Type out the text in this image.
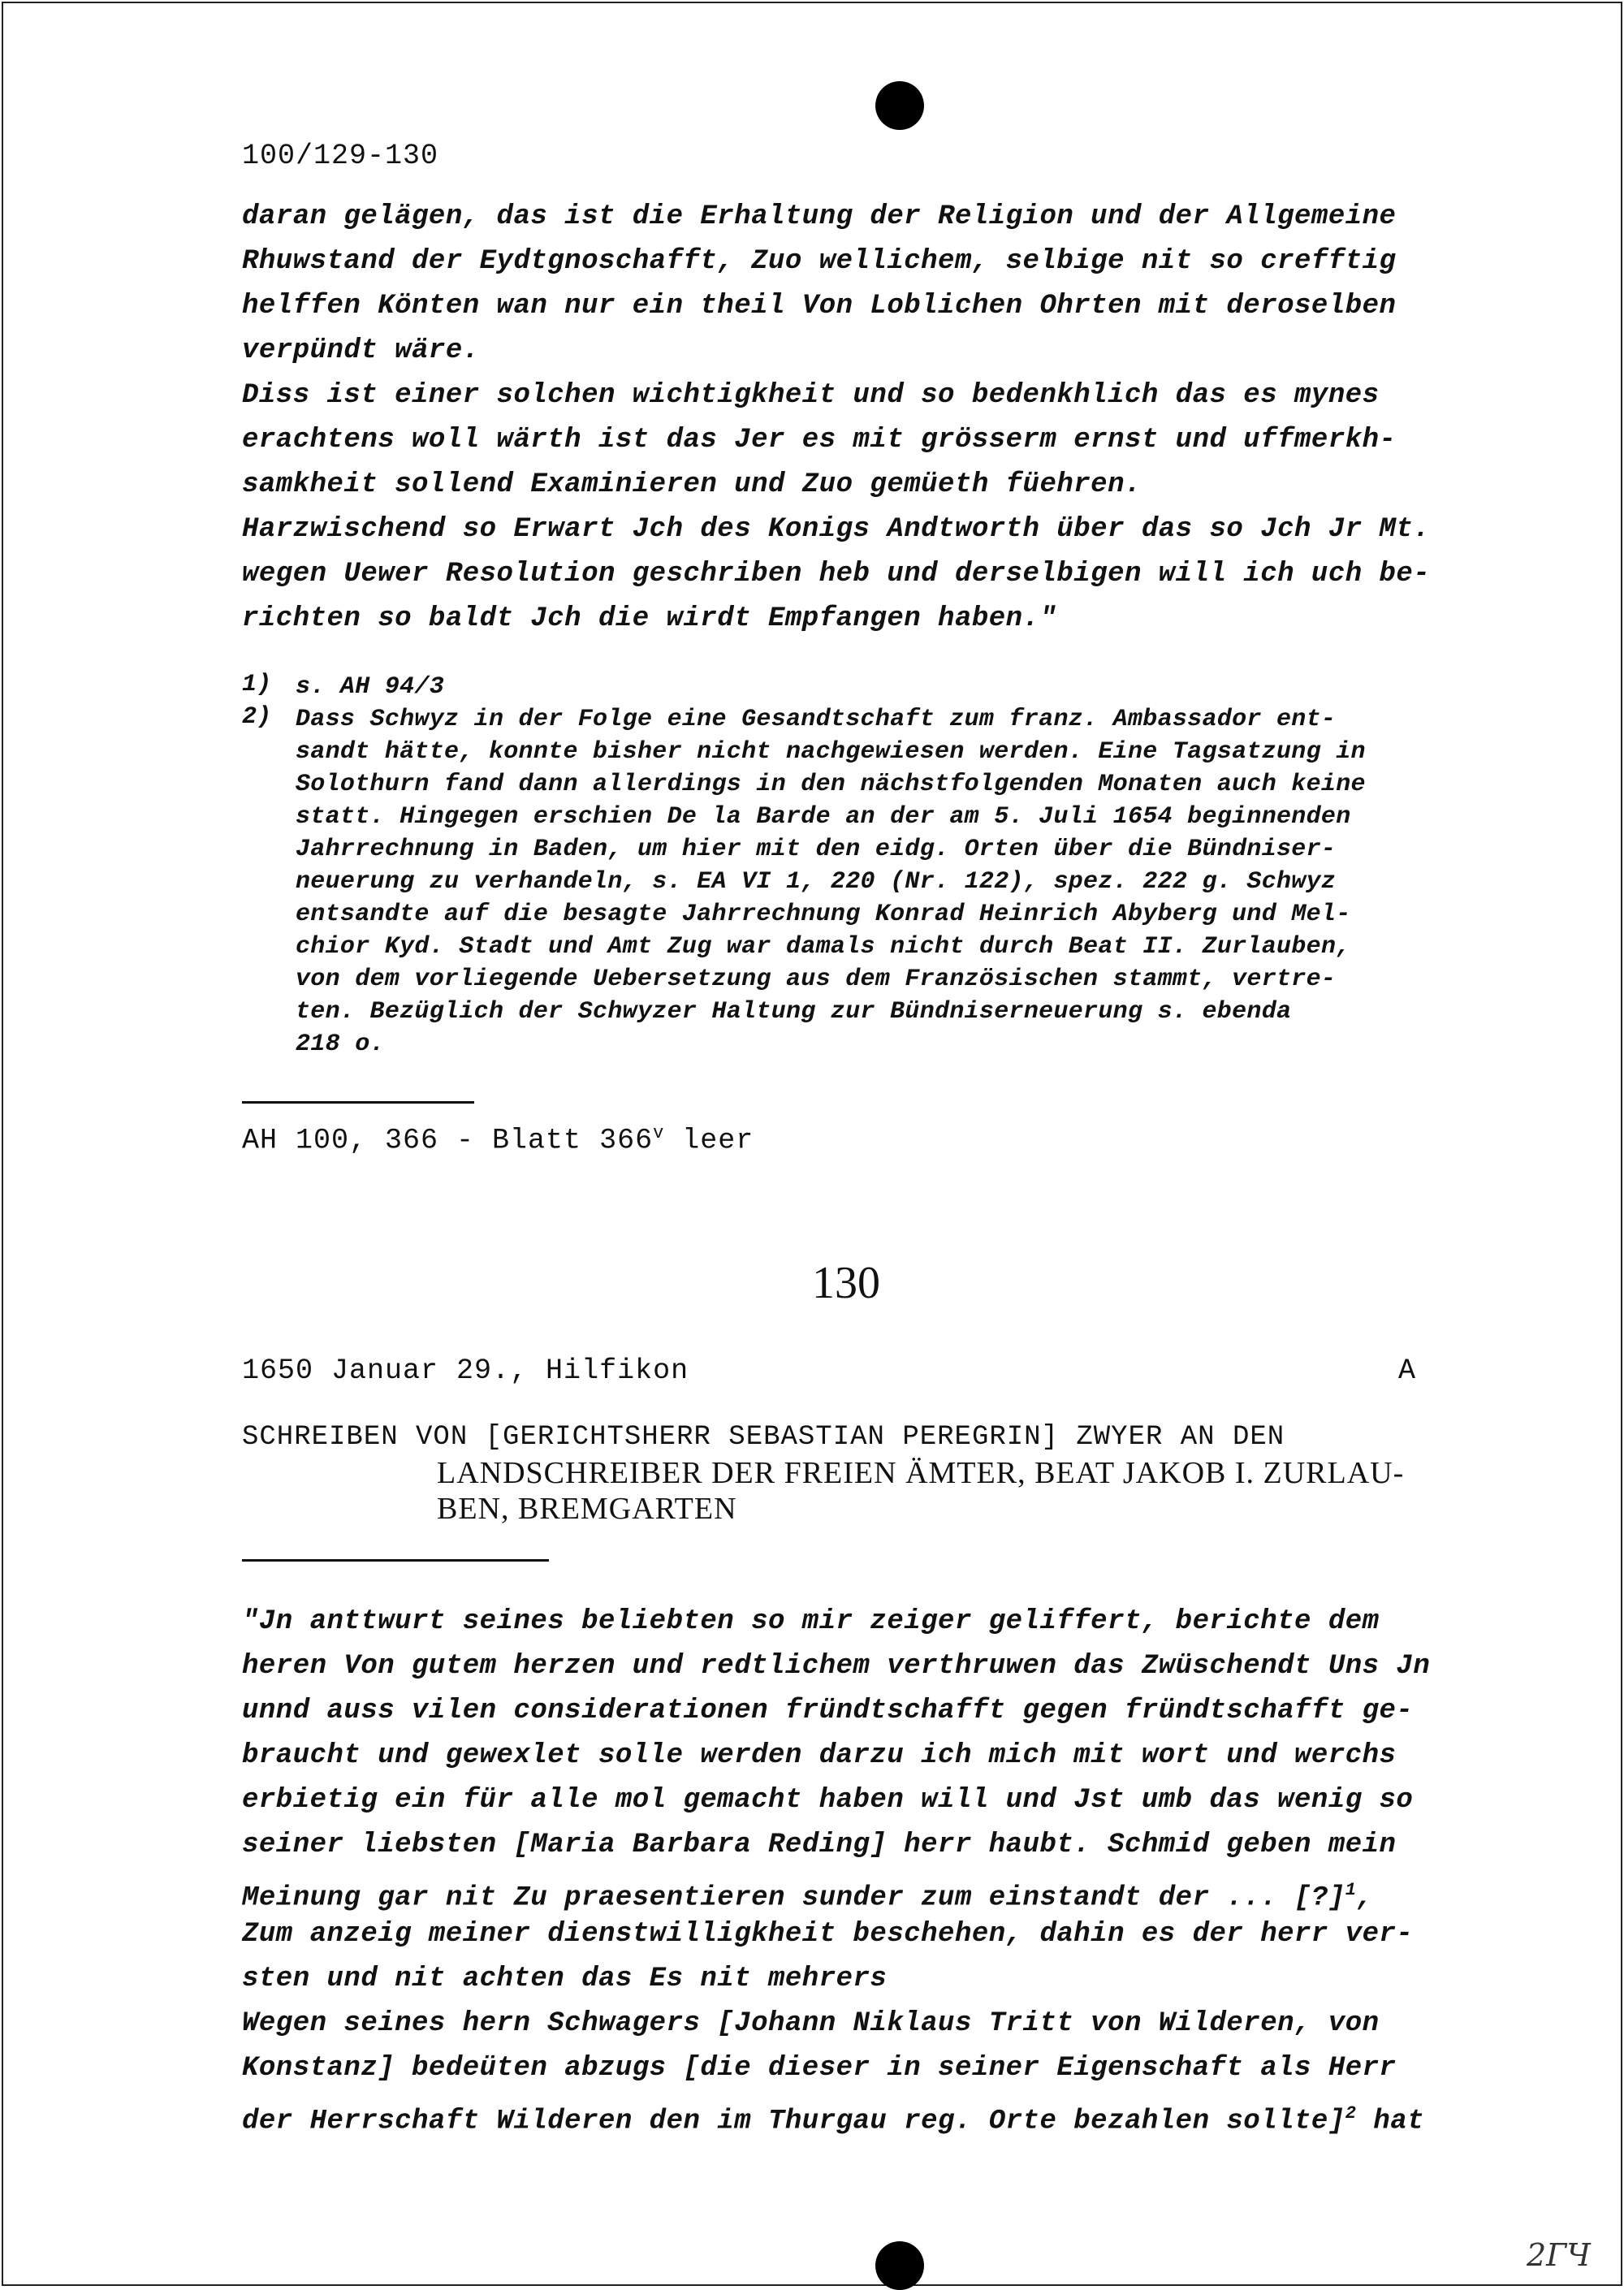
100/129-130
daran gelägen, das ist die Erhaltung der Religion und der Allgemeine
Rhuwstand der Eydtgnoschafft, Zuo wellichem, selbige nit so crefftig
helffen Könten wan nur ein theil Von Loblichen Ohrten mit deroselben
verpündt wäre.
Diss ist einer solchen wichtigkheit und so bedenkhlich das es mynes
erachtens woll wärth ist das Jer es mit grösserm ernst und uffmerkh-
samkheit sollend Examinieren und Zuo gemüeth füehren.
Harzwischend so Erwart Jch des Konigs Andtworth über das so Jch Jr Mt.
wegen Uewer Resolution geschriben heb und derselbigen will ich uch be-
richten so baldt Jch die wirdt Empfangen haben."
1) s. AH 94/3
2) Dass Schwyz in der Folge eine Gesandtschaft zum franz. Ambassador ent-
sandt hätte, konnte bisher nicht nachgewiesen werden. Eine Tagsatzung in
Solothurn fand dann allerdings in den nächstfolgenden Monaten auch keine
statt. Hingegen erschien De la Barde an der am 5. Juli 1654 beginnenden
Jahrrechnung in Baden, um hier mit den eidg. Orten über die Bündniser-
neuerung zu verhandeln, s. EA VI 1, 220 (Nr. 122), spez. 222 g. Schwyz
entsandte auf die besagte Jahrrechnung Konrad Heinrich Abyberg und Mel-
chior Kyd. Stadt und Amt Zug war damals nicht durch Beat II. Zurlauben,
von dem vorliegende Uebersetzung aus dem Französischen stammt, vertre-
ten. Bezüglich der Schwyzer Haltung zur Bündniserneuerung s. ebenda
218 o.
AH 100, 366 - Blatt 366$^v$ leer
130
1650 Januar 29., Hilfikon	A
SCHREIBEN VON [GERICHTSHERR SEBASTIAN PEREGRIN] ZWYER AN DEN
LANDSCHREIBER DER FREIEN ÄMTER, BEAT JAKOB I. ZURLAU-
BEN, BREMGARTEN
"Jn anttwurt seines beliebten so mir zeiger geliffert, berichte dem
heren Von gutem herzen und redtlichem verthruwen das Zwüschendt Uns Jn
unnd auss vilen considerationen fründtschafft gegen fründtschafft ge-
braucht und gewexlet solle werden darzu ich mich mit wort und werchs
erbietig ein für alle mol gemacht haben will und Jst umb das wenig so
seiner liebsten [Maria Barbara Reding] herr haubt. Schmid geben mein
Meinung gar nit Zu praesentieren sunder zum einstandt der ... [?]$^1$,
Zum anzeig meiner dienstwilligkheit beschehen, dahin es der herr ver-
sten und nit achten das Es nit mehrers
Wegen seines hern Schwagers [Johann Niklaus Tritt von Wilderen, von
Konstanz] bedeüten abzugs [die dieser in seiner Eigenschaft als Herr
der Herrschaft Wilderen den im Thurgau reg. Orte bezahlen sollte]$^2$ hat
2ГЧ
